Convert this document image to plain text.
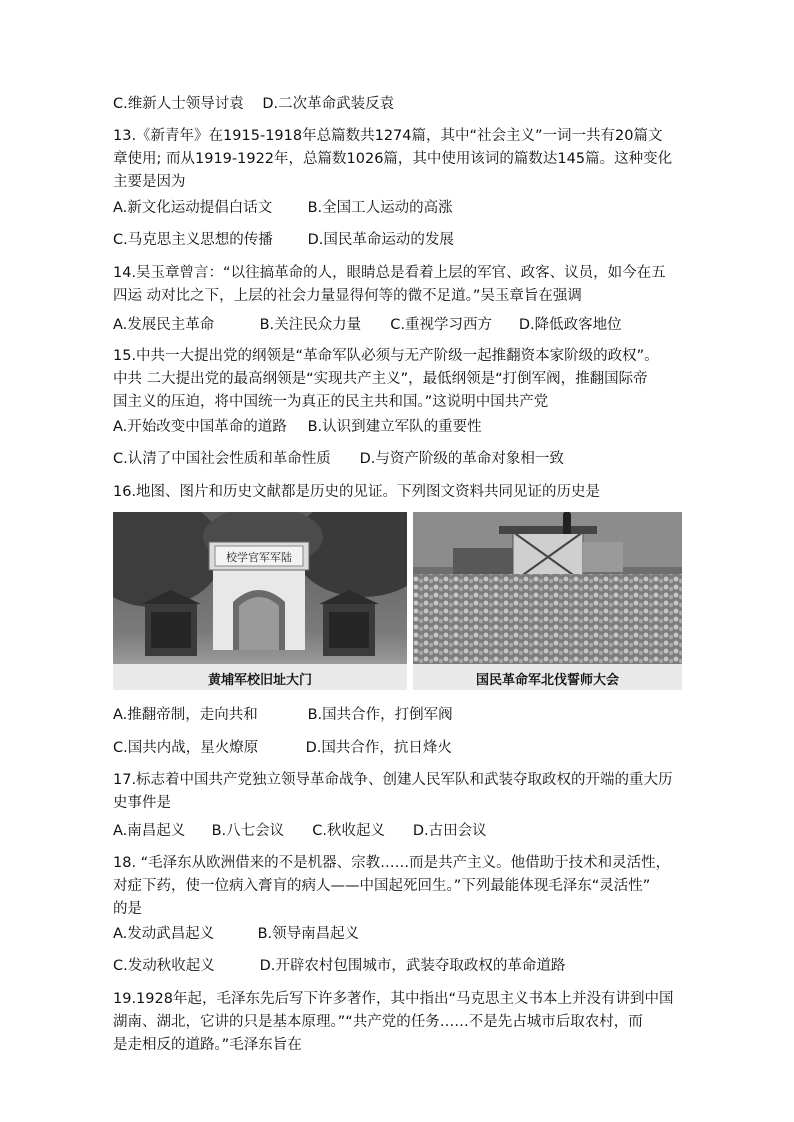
C.维新人士领导讨袁 D.二次革命武装反袁
13.《新青年》在1915-1918年总篇数共1274篇，其中“社会主义”一词一共有20篇文
章使用; 而从1919-1922年，总篇数1026篇，其中使用该词的篇数达145篇。这种变化
主要是因为
A.新文化运动提倡白话文 B.全国工人运动的高涨
C.马克思主义思想的传播 D.国民革命运动的发展
14.吴玉章曾言：“以往搞革命的人，眼睛总是看着上层的军官、政客、议员，如今在五
四运 动对比之下，上层的社会力量显得何等的微不足道。”吴玉章旨在强调
A.发展民主革命	B.关注民众力量 C.重视学习西方 D.降低政客地位
15.中共一大提出党的纲领是“革命军队必须与无产阶级一起推翻资本家阶级的政权”。
中共 二大提出党的最高纲领是“实现共产主义”，最低纲领是“打倒军阀，推翻国际帝
国主义的压迫，将中国统一为真正的民主共和国。”这说明中国共产党
A.开始改变中国革命的道路 B.认识到建立军队的重要性
C.认清了中国社会性质和革命性质 D.与资产阶级的革命对象相一致
16.地图、图片和历史文献都是历史的见证。下列图文资料共同见证的历史是
校学官军军陆
黄埔军校旧址大门	国民革命军北伐誓师大会
A.推翻帝制，走向共和	B.国共合作，打倒军阀
C.国共内战，星火燎原	D.国共合作，抗日烽火
17.标志着中国共产党独立领导革命战争、创建人民军队和武装夺取政权的开端的重大历
史事件是
A.南昌起义 B.八七会议 C.秋收起义 D.古田会议
18. “毛泽东从欧洲借来的不是机器、宗教……而是共产主义。他借助于技术和灵活性，
对症下药，使一位病入膏肓的病人——中国起死回生。”下列最能体现毛泽东“灵活性”
的是
A.发动武昌起义	B.领导南昌起义
C.发动秋收起义	D.开辟农村包围城市，武装夺取政权的革命道路
19.1928年起，毛泽东先后写下许多著作，其中指出“马克思主义书本上并没有讲到中国
湖南、湖北，它讲的只是基本原理。”“共产党的任务……不是先占城市后取农村，而
是走相反的道路。”毛泽东旨在
